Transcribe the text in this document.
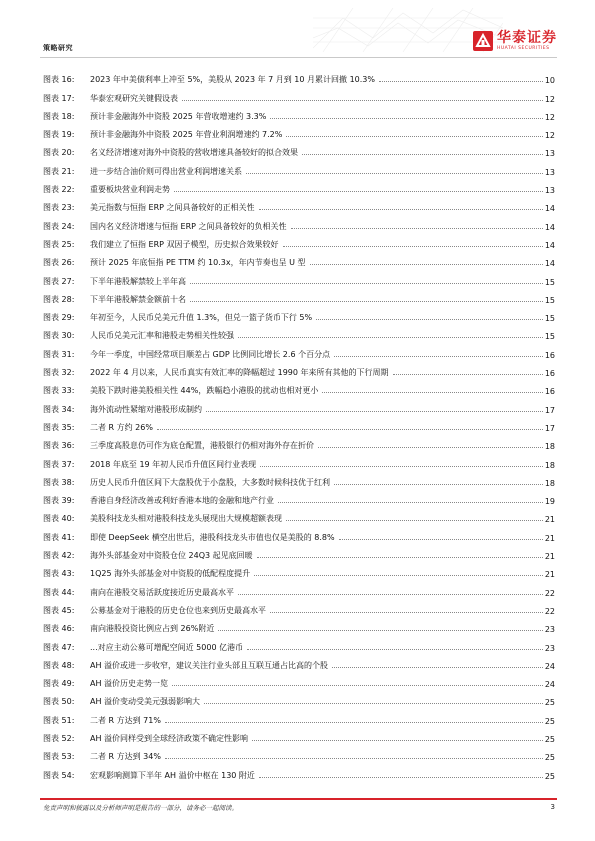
策略研究
华泰证券
HUATAI SECURITIES
图表 16:	2023 年中美债利率上冲至 5%，美股从 2023 年 7 月到 10 月累计回撤 10.3%	10
图表 17:	华泰宏观研究关键假设表	12
图表 18:	预计非金融海外中资股 2025 年营收增速约 3.3%	12
图表 19:	预计非金融海外中资股 2025 年营业利润增速约 7.2%	12
图表 20:	名义经济增速对海外中资股的营收增速具备较好的拟合效果	13
图表 21:	进一步结合油价则可得出营业利润增速关系	13
图表 22:	重要板块营业利润走势	13
图表 23:	美元指数与恒指 ERP 之间具备较好的正相关性	14
图表 24:	国内名义经济增速与恒指 ERP 之间具备较好的负相关性	14
图表 25:	我们建立了恒指 ERP 双因子模型，历史拟合效果较好	14
图表 26:	预计 2025 年底恒指 PE TTM 约 10.3x，年内节奏也呈 U 型	14
图表 27:	下半年港股解禁较上半年高	15
图表 28:	下半年港股解禁金额前十名	15
图表 29:	年初至今，人民币兑美元升值 1.3%，但兑一篮子货币下行 5%	15
图表 30:	人民币兑美元汇率和港股走势相关性较强	15
图表 31:	今年一季度，中国经常项目顺差占 GDP 比例同比增长 2.6 个百分点	16
图表 32:	2022 年 4 月以来，人民币真实有效汇率的降幅超过 1990 年来所有其他的下行周期	16
图表 33:	美股下跌时港美股相关性 44%，跌幅趋小港股的扰动也相对更小	16
图表 34:	海外流动性紧缩对港股形成制约	17
图表 35:	二者 R 方约 26%	17
图表 36:	三季度高股息仍可作为底仓配置，港股银行仍相对海外存在折价	18
图表 37:	2018 年底至 19 年初人民币升值区间行业表现	18
图表 38:	历史人民币升值区间下大盘股优于小盘股，大多数时候科技优于红利	18
图表 39:	香港自身经济改善或利好香港本地的金融和地产行业	19
图表 40:	美股科技龙头相对港股科技龙头展现出大规模超额表现	21
图表 41:	即使 DeepSeek 横空出世后，港股科技龙头市值也仅是美股的 8.8%	21
图表 42:	海外头部基金对中资股仓位 24Q3 起见底回暖	21
图表 43:	1Q25 海外头部基金对中资股的低配程度提升	21
图表 44:	南向在港股交易活跃度接近历史最高水平	22
图表 45:	公募基金对于港股的历史仓位也来到历史最高水平	22
图表 46:	南向港股投资比例应占到 26%附近	23
图表 47:	...对应主动公募可增配空间近 5000 亿港币	23
图表 48:	AH 溢价或进一步收窄，建议关注行业头部且互联互通占比高的个股	24
图表 49:	AH 溢价历史走势一览	24
图表 50:	AH 溢价变动受美元强弱影响大	25
图表 51:	二者 R 方达到 71%	25
图表 52:	AH 溢价同样受到全球经济政策不确定性影响	25
图表 53:	二者 R 方达到 34%	25
图表 54:	宏观影响测算下半年 AH 溢价中枢在 130 附近	25
免责声明和披露以及分析师声明是报告的一部分，请务必一起阅读。	3
